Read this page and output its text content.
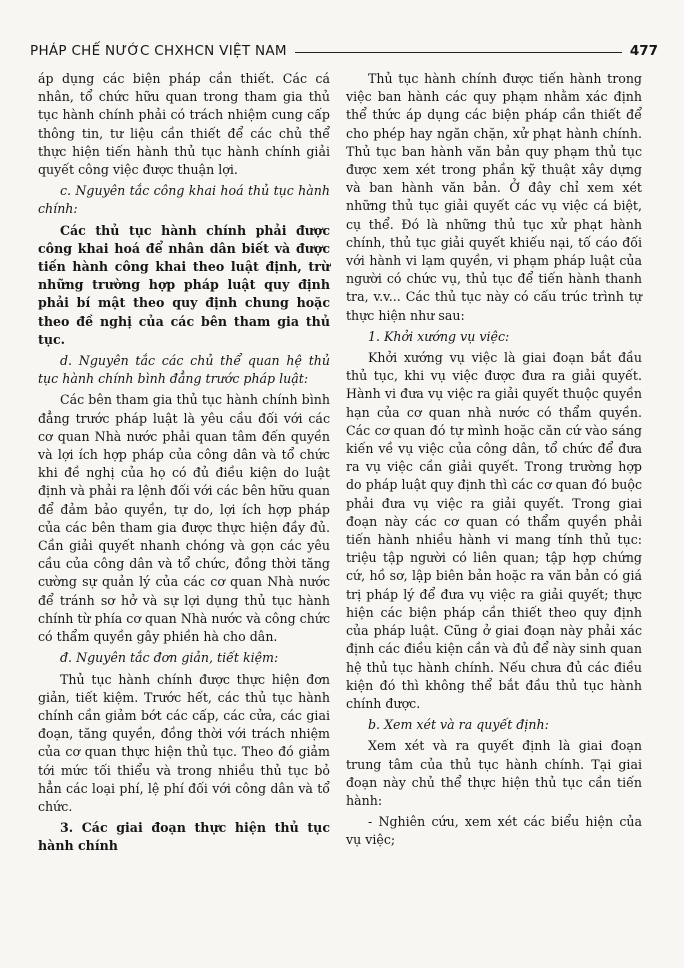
PHÁP CHẾ NƯỚC CHXHCN VIỆT NAM	477

áp dụng các biện pháp cần thiết. Các cá nhân, tổ chức hữu quan trong tham gia thủ tục hành chính phải có trách nhiệm cung cấp thông tin, tư liệu cần thiết để các chủ thể thực hiện tiến hành thủ tục hành chính giải quyết công việc được thuận lợi.

c. Nguyên tắc công khai hoá thủ tục hành chính:

Các thủ tục hành chính phải được công khai hoá để nhân dân biết và được tiến hành công khai theo luật định, trừ những trường hợp pháp luật quy định phải bí mật theo quy định chung hoặc theo đề nghị của các bên tham gia thủ tục.

d. Nguyên tắc các chủ thể quan hệ thủ tục hành chính bình đẳng trước pháp luật:

Các bên tham gia thủ tục hành chính bình đẳng trước pháp luật là yêu cầu đối với các cơ quan Nhà nước phải quan tâm đến quyền và lợi ích hợp pháp của công dân và tổ chức khi đề nghị của họ có đủ điều kiện do luật định và phải ra lệnh đối với các bên hữu quan để đảm bảo quyền, tự do, lợi ích hợp pháp của các bên tham gia được thực hiện đầy đủ. Cần giải quyết nhanh chóng và gọn các yêu cầu của công dân và tổ chức, đồng thời tăng cường sự quản lý của các cơ quan Nhà nước để tránh sơ hở và sự lợi dụng thủ tục hành chính từ phía cơ quan Nhà nước và công chức có thẩm quyền gây phiền hà cho dân.

đ. Nguyên tắc đơn giản, tiết kiệm:

Thủ tục hành chính được thực hiện đơn giản, tiết kiệm. Trước hết, các thủ tục hành chính cần giảm bớt các cấp, các cửa, các giai đoạn, tăng quyền, đồng thời với trách nhiệm của cơ quan thực hiện thủ tục. Theo đó giảm tới mức tối thiểu và trong nhiều thủ tục bỏ hẳn các loại phí, lệ phí đối với công dân và tổ chức.

3. Các giai đoạn thực hiện thủ tục hành chính

Thủ tục hành chính được tiến hành trong việc ban hành các quy phạm nhằm xác định thể thức áp dụng các biện pháp cần thiết để cho phép hay ngăn chặn, xử phạt hành chính. Thủ tục ban hành văn bản quy phạm thủ tục được xem xét trong phần kỹ thuật xây dựng và ban hành văn bản. Ở đây chỉ xem xét những thủ tục giải quyết các vụ việc cá biệt, cụ thể. Đó là những thủ tục xử phạt hành chính, thủ tục giải quyết khiếu nại, tố cáo đối với hành vi lạm quyền, vi phạm pháp luật của người có chức vụ, thủ tục để tiến hành thanh tra, v.v... Các thủ tục này có cấu trúc trình tự thực hiện như sau:

1. Khởi xướng vụ việc:

Khởi xướng vụ việc là giai đoạn bắt đầu thủ tục, khi vụ việc được đưa ra giải quyết. Hành vi đưa vụ việc ra giải quyết thuộc quyền hạn của cơ quan nhà nước có thẩm quyền. Các cơ quan đó tự mình hoặc căn cứ vào sáng kiến về vụ việc của công dân, tổ chức để đưa ra vụ việc cần giải quyết. Trong trường hợp do pháp luật quy định thì các cơ quan đó buộc phải đưa vụ việc ra giải quyết. Trong giai đoạn này các cơ quan có thẩm quyền phải tiến hành nhiều hành vi mang tính thủ tục: triệu tập người có liên quan; tập hợp chứng cứ, hồ sơ, lập biên bản hoặc ra văn bản có giá trị pháp lý để đưa vụ việc ra giải quyết; thực hiện các biện pháp cần thiết theo quy định của pháp luật. Cũng ở giai đoạn này phải xác định các điều kiện cần và đủ để này sinh quan hệ thủ tục hành chính. Nếu chưa đủ các điều kiện đó thì không thể bắt đầu thủ tục hành chính được.

b. Xem xét và ra quyết định:

Xem xét và ra quyết định là giai đoạn trung tâm của thủ tục hành chính. Tại giai đoạn này chủ thể thực hiện thủ tục cần tiến hành:

- Nghiên cứu, xem xét các biểu hiện của vụ việc;
